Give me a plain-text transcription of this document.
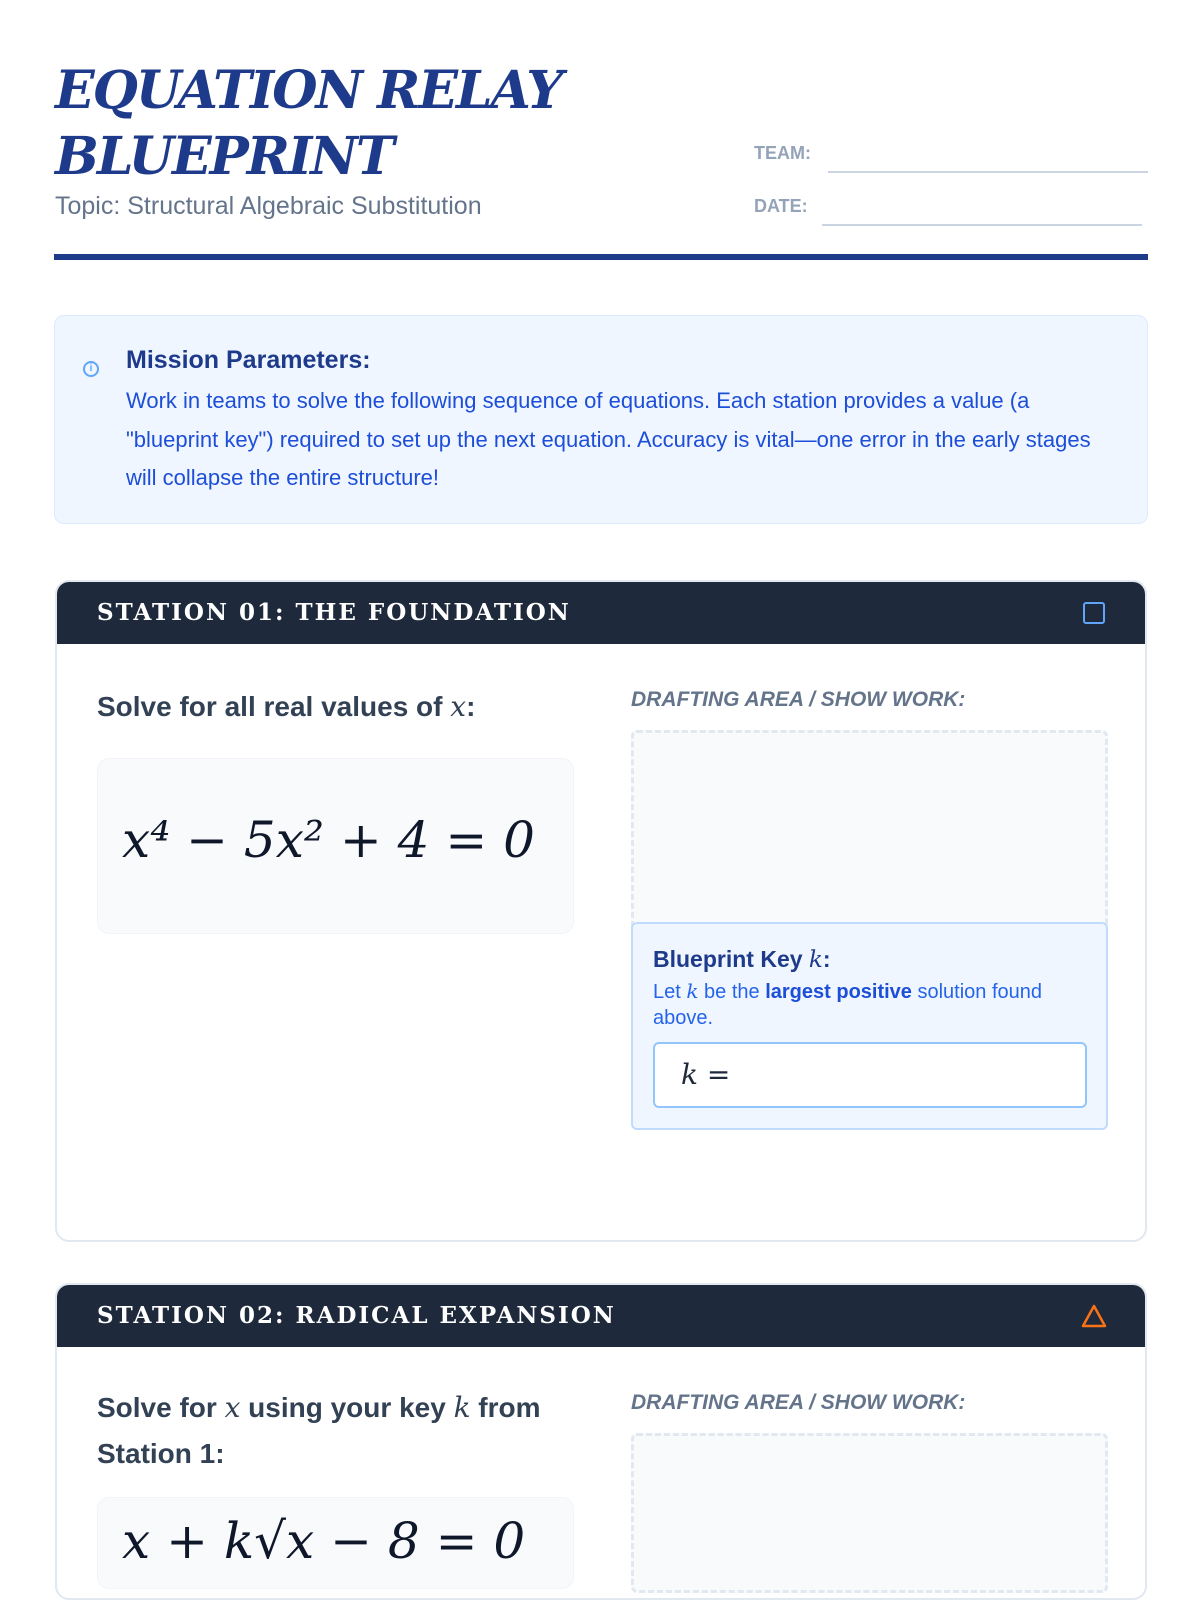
EQUATION RELAY BLUEPRINT
Topic: Structural Algebraic Substitution
TEAM:
DATE:
i Mission Parameters:
Work in teams to solve the following sequence of equations. Each station provides a value (a "blueprint key") required to set up the next equation. Accuracy is vital—one error in the early stages will collapse the entire structure!
STATION 01: THE FOUNDATION
Solve for all real values of x:
x⁴ − 5x² + 4 = 0
DRAFTING AREA / SHOW WORK:
Blueprint Key k:
Let k be the largest positive solution found above.
k =
STATION 02: RADICAL EXPANSION
Solve for x using your key k from Station 1:
x + k√x − 8 = 0
DRAFTING AREA / SHOW WORK:
